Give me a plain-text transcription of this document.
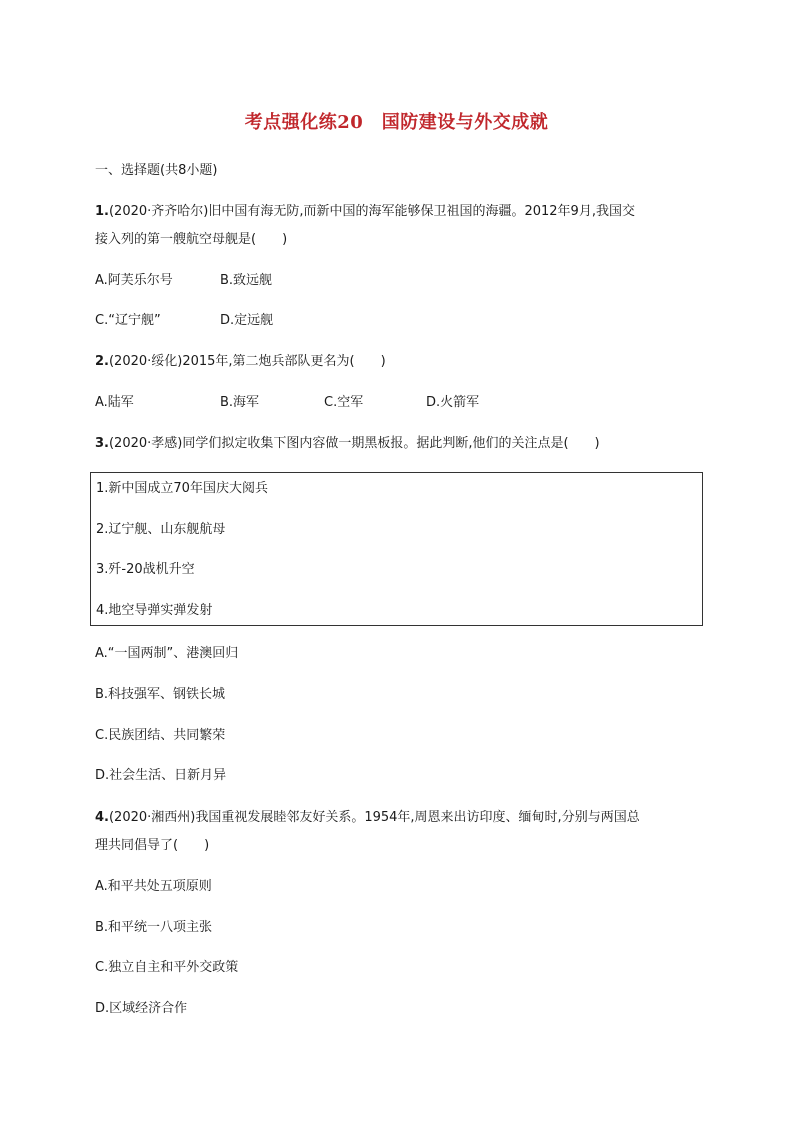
考点强化练20　国防建设与外交成就
一、选择题(共8小题)
1.(2020·齐齐哈尔)旧中国有海无防,而新中国的海军能够保卫祖国的海疆。2012年9月,我国交
接入列的第一艘航空母舰是(　　)
A.阿芙乐尔号	B.致远舰
C.“辽宁舰”	D.定远舰
2.(2020·绥化)2015年,第二炮兵部队更名为(　　)
A.陆军	B.海军	C.空军	D.火箭军
3.(2020·孝感)同学们拟定收集下图内容做一期黑板报。据此判断,他们的关注点是(　　)
1.新中国成立70年国庆大阅兵
2.辽宁舰、山东舰航母
3.歼-20战机升空
4.地空导弹实弹发射
A.“一国两制”、港澳回归
B.科技强军、钢铁长城
C.民族团结、共同繁荣
D.社会生活、日新月异
4.(2020·湘西州)我国重视发展睦邻友好关系。1954年,周恩来出访印度、缅甸时,分别与两国总
理共同倡导了(　　)
A.和平共处五项原则
B.和平统一八项主张
C.独立自主和平外交政策
D.区域经济合作
